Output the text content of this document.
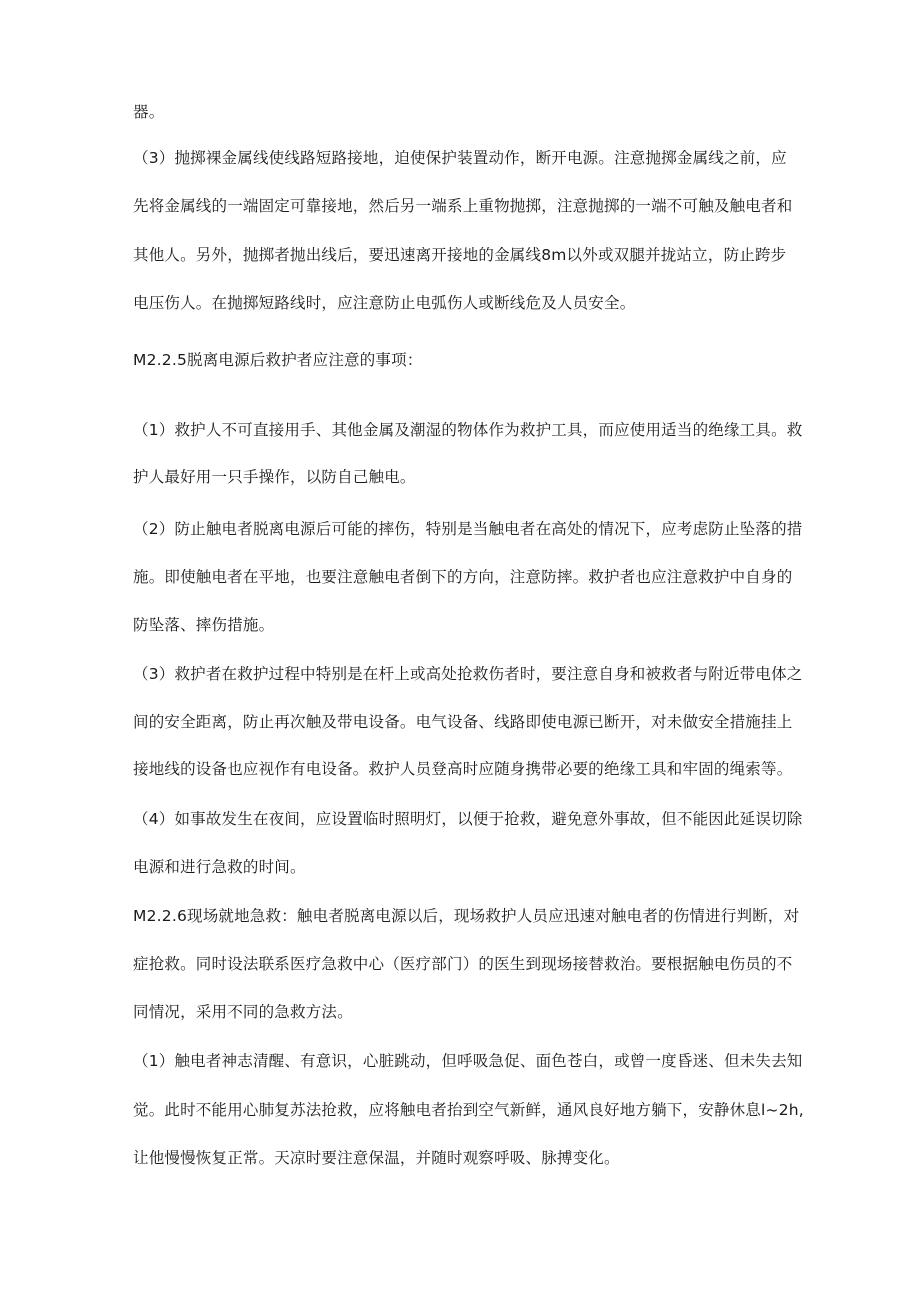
器。
（3）抛掷裸金属线使线路短路接地，迫使保护装置动作，断开电源。注意抛掷金属线之前，应
先将金属线的一端固定可靠接地，然后另一端系上重物抛掷，注意抛掷的一端不可触及触电者和
其他人。另外，抛掷者抛出线后，要迅速离开接地的金属线8m以外或双腿并拢站立，防止跨步
电压伤人。在抛掷短路线时，应注意防止电弧伤人或断线危及人员安全。
M2.2.5脱离电源后救护者应注意的事项：
（1）救护人不可直接用手、其他金属及潮湿的物体作为救护工具，而应使用适当的绝缘工具。救
护人最好用一只手操作，以防自己触电。
（2）防止触电者脱离电源后可能的摔伤，特别是当触电者在高处的情况下，应考虑防止坠落的措
施。即使触电者在平地，也要注意触电者倒下的方向，注意防摔。救护者也应注意救护中自身的
防坠落、摔伤措施。
（3）救护者在救护过程中特别是在杆上或高处抢救伤者时，要注意自身和被救者与附近带电体之
间的安全距离，防止再次触及带电设备。电气设备、线路即使电源已断开，对未做安全措施挂上
接地线的设备也应视作有电设备。救护人员登高时应随身携带必要的绝缘工具和牢固的绳索等。
（4）如事故发生在夜间，应设置临时照明灯，以便于抢救，避免意外事故，但不能因此延误切除
电源和进行急救的时间。
M2.2.6现场就地急救：触电者脱离电源以后，现场救护人员应迅速对触电者的伤情进行判断，对
症抢救。同时设法联系医疗急救中心（医疗部门）的医生到现场接替救治。要根据触电伤员的不
同情况，采用不同的急救方法。
（1）触电者神志清醒、有意识，心脏跳动，但呼吸急促、面色苍白，或曾一度昏迷、但未失去知
觉。此时不能用心肺复苏法抢救，应将触电者抬到空气新鲜，通风良好地方躺下，安静休息l~2h,
让他慢慢恢复正常。天凉时要注意保温，并随时观察呼吸、脉搏变化。
